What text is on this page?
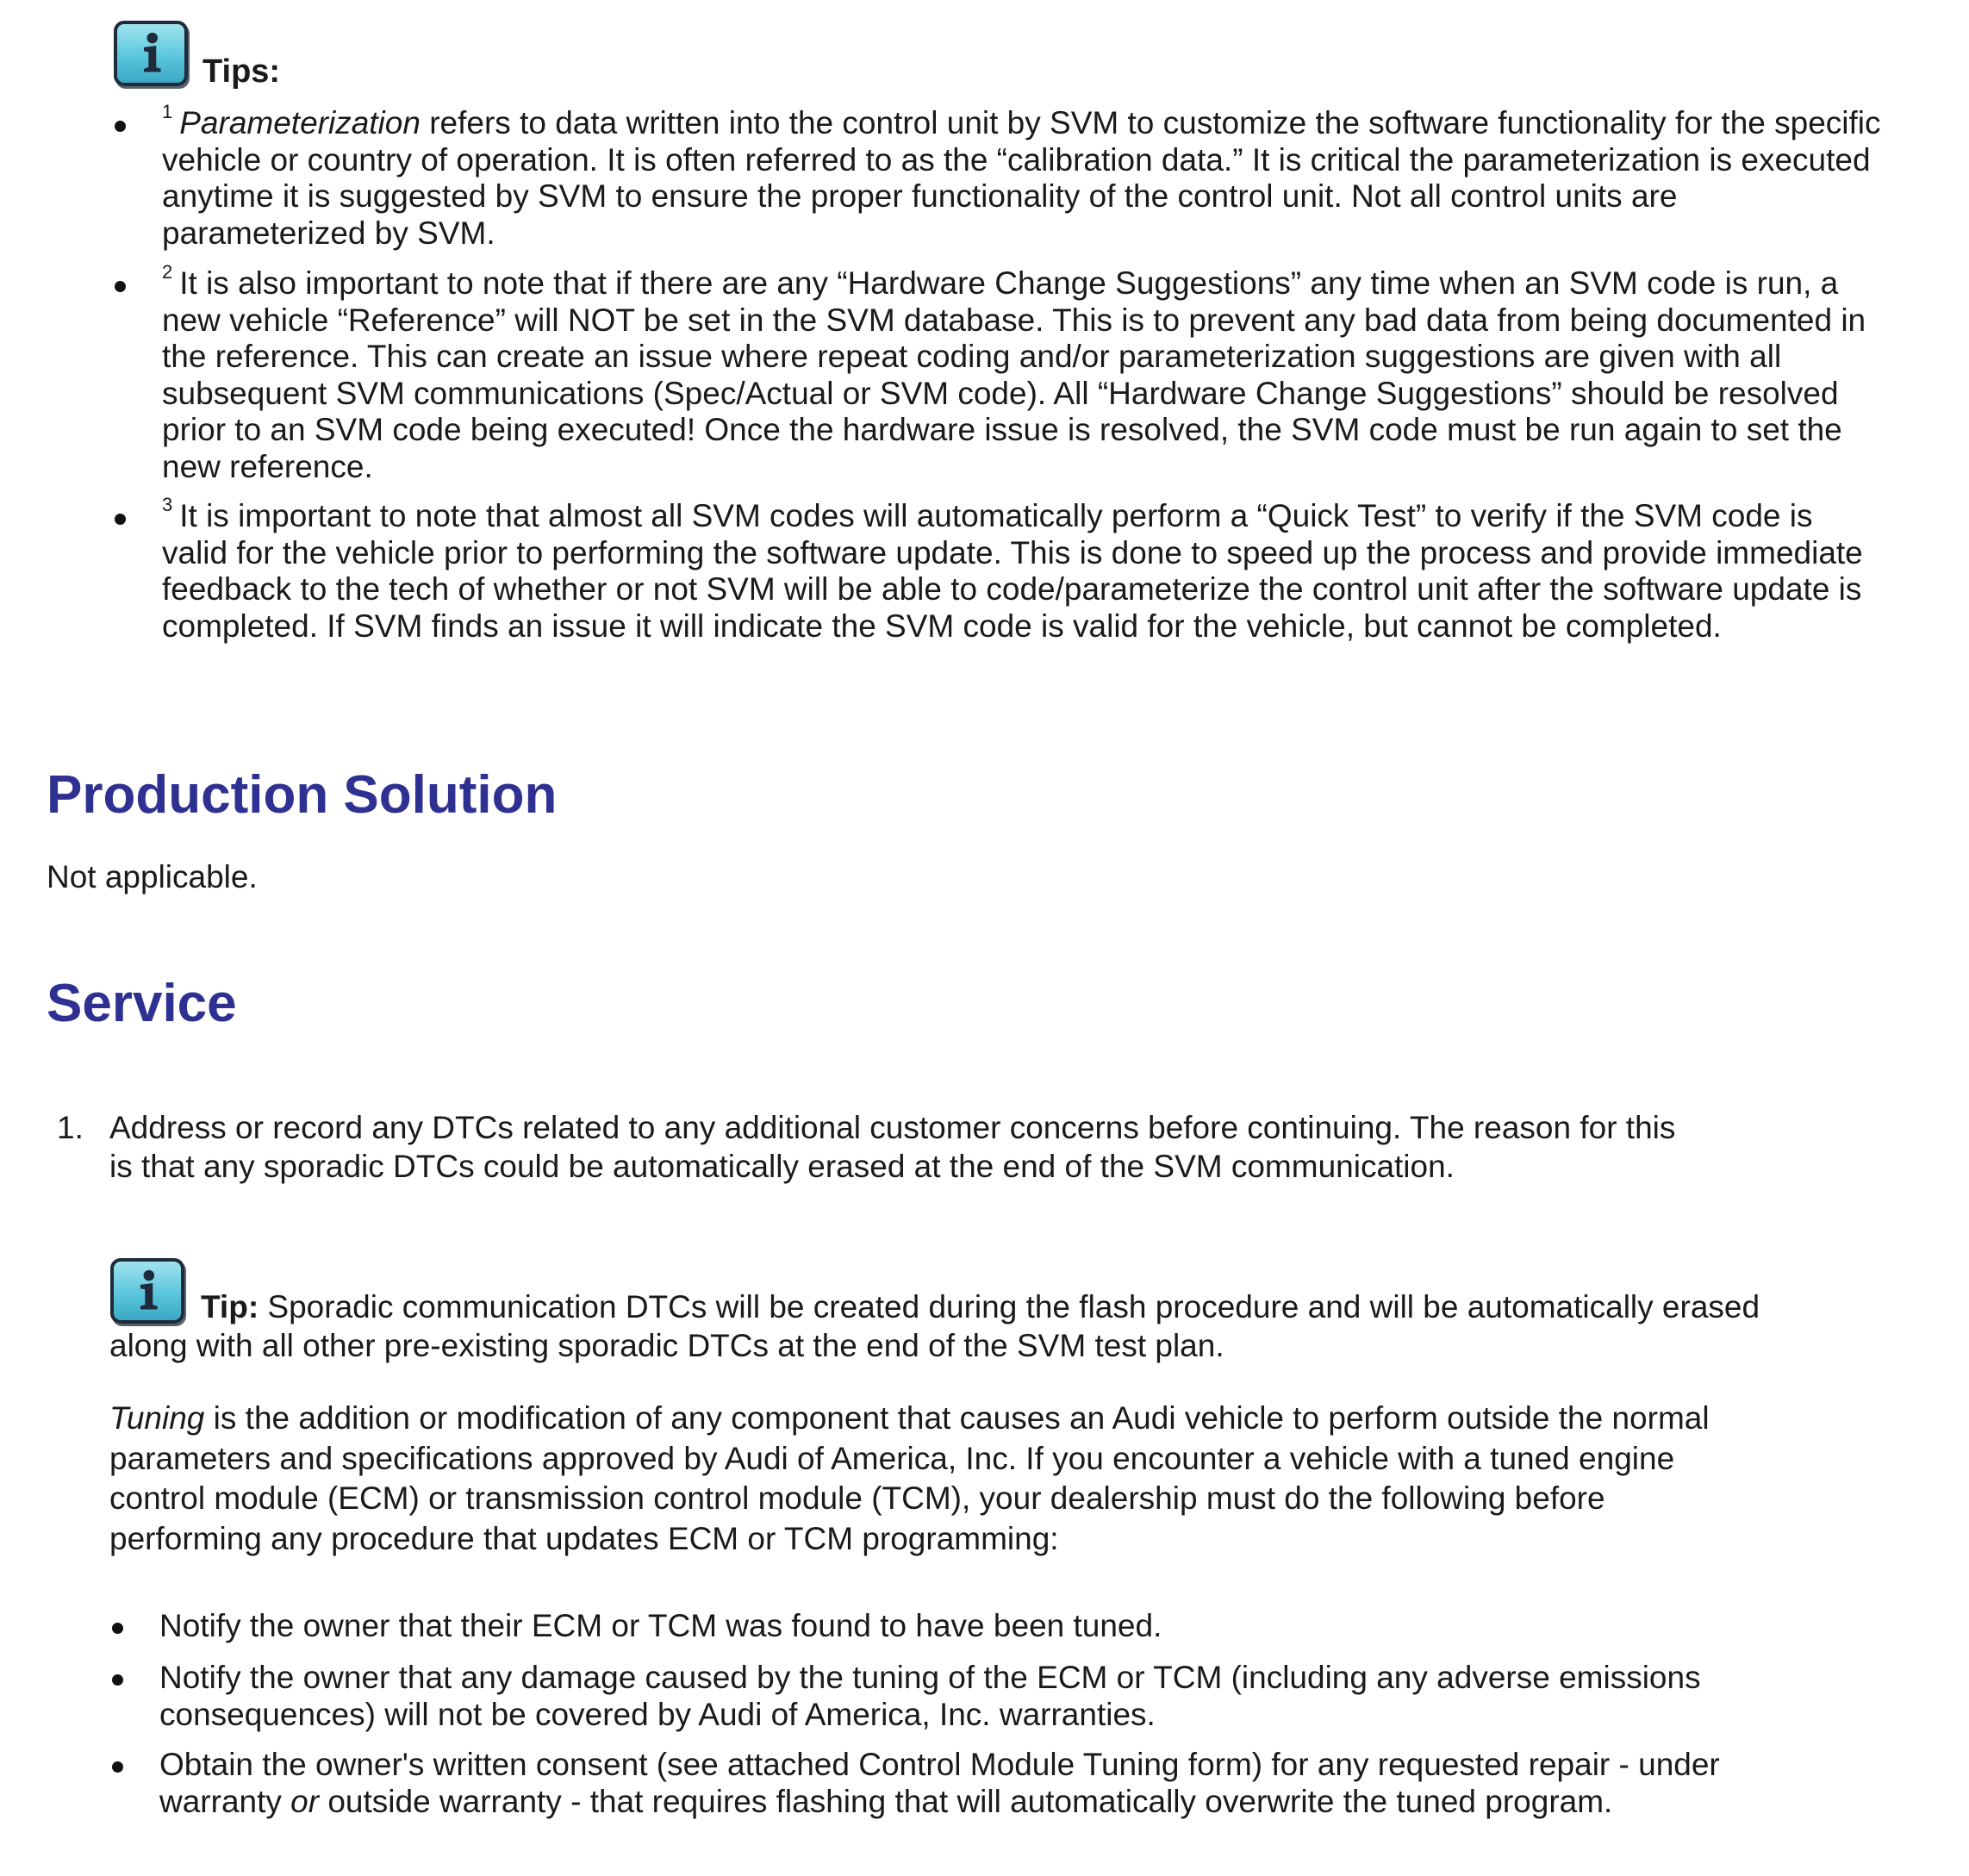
Tips:

$^1$ Parameterization refers to data written into the control unit by SVM to customize the software functionality for the specific vehicle or country of operation. It is often referred to as the “calibration data.” It is critical the parameterization is executed anytime it is suggested by SVM to ensure the proper functionality of the control unit. Not all control units are parameterized by SVM.

$^2$ It is also important to note that if there are any “Hardware Change Suggestions” any time when an SVM code is run, a new vehicle “Reference” will NOT be set in the SVM database. This is to prevent any bad data from being documented in the reference. This can create an issue where repeat coding and/or parameterization suggestions are given with all subsequent SVM communications (Spec/Actual or SVM code). All “Hardware Change Suggestions” should be resolved prior to an SVM code being executed! Once the hardware issue is resolved, the SVM code must be run again to set the new reference.

$^3$ It is important to note that almost all SVM codes will automatically perform a “Quick Test” to verify if the SVM code is valid for the vehicle prior to performing the software update. This is done to speed up the process and provide immediate feedback to the tech of whether or not SVM will be able to code/parameterize the control unit after the software update is completed. If SVM finds an issue it will indicate the SVM code is valid for the vehicle, but cannot be completed.

Production Solution

Not applicable.

Service
1. Address or record any DTCs related to any additional customer concerns before continuing. The reason for this is that any sporadic DTCs could be automatically erased at the end of the SVM communication.

Tip: Sporadic communication DTCs will be created during the flash procedure and will be automatically erased along with all other pre-existing sporadic DTCs at the end of the SVM test plan.

Tuning is the addition or modification of any component that causes an Audi vehicle to perform outside the normal parameters and specifications approved by Audi of America, Inc. If you encounter a vehicle with a tuned engine control module (ECM) or transmission control module (TCM), your dealership must do the following before performing any procedure that updates ECM or TCM programming:

Notify the owner that their ECM or TCM was found to have been tuned.

Notify the owner that any damage caused by the tuning of the ECM or TCM (including any adverse emissions consequences) will not be covered by Audi of America, Inc. warranties.

Obtain the owner's written consent (see attached Control Module Tuning form) for any requested repair - under warranty or outside warranty - that requires flashing that will automatically overwrite the tuned program.
